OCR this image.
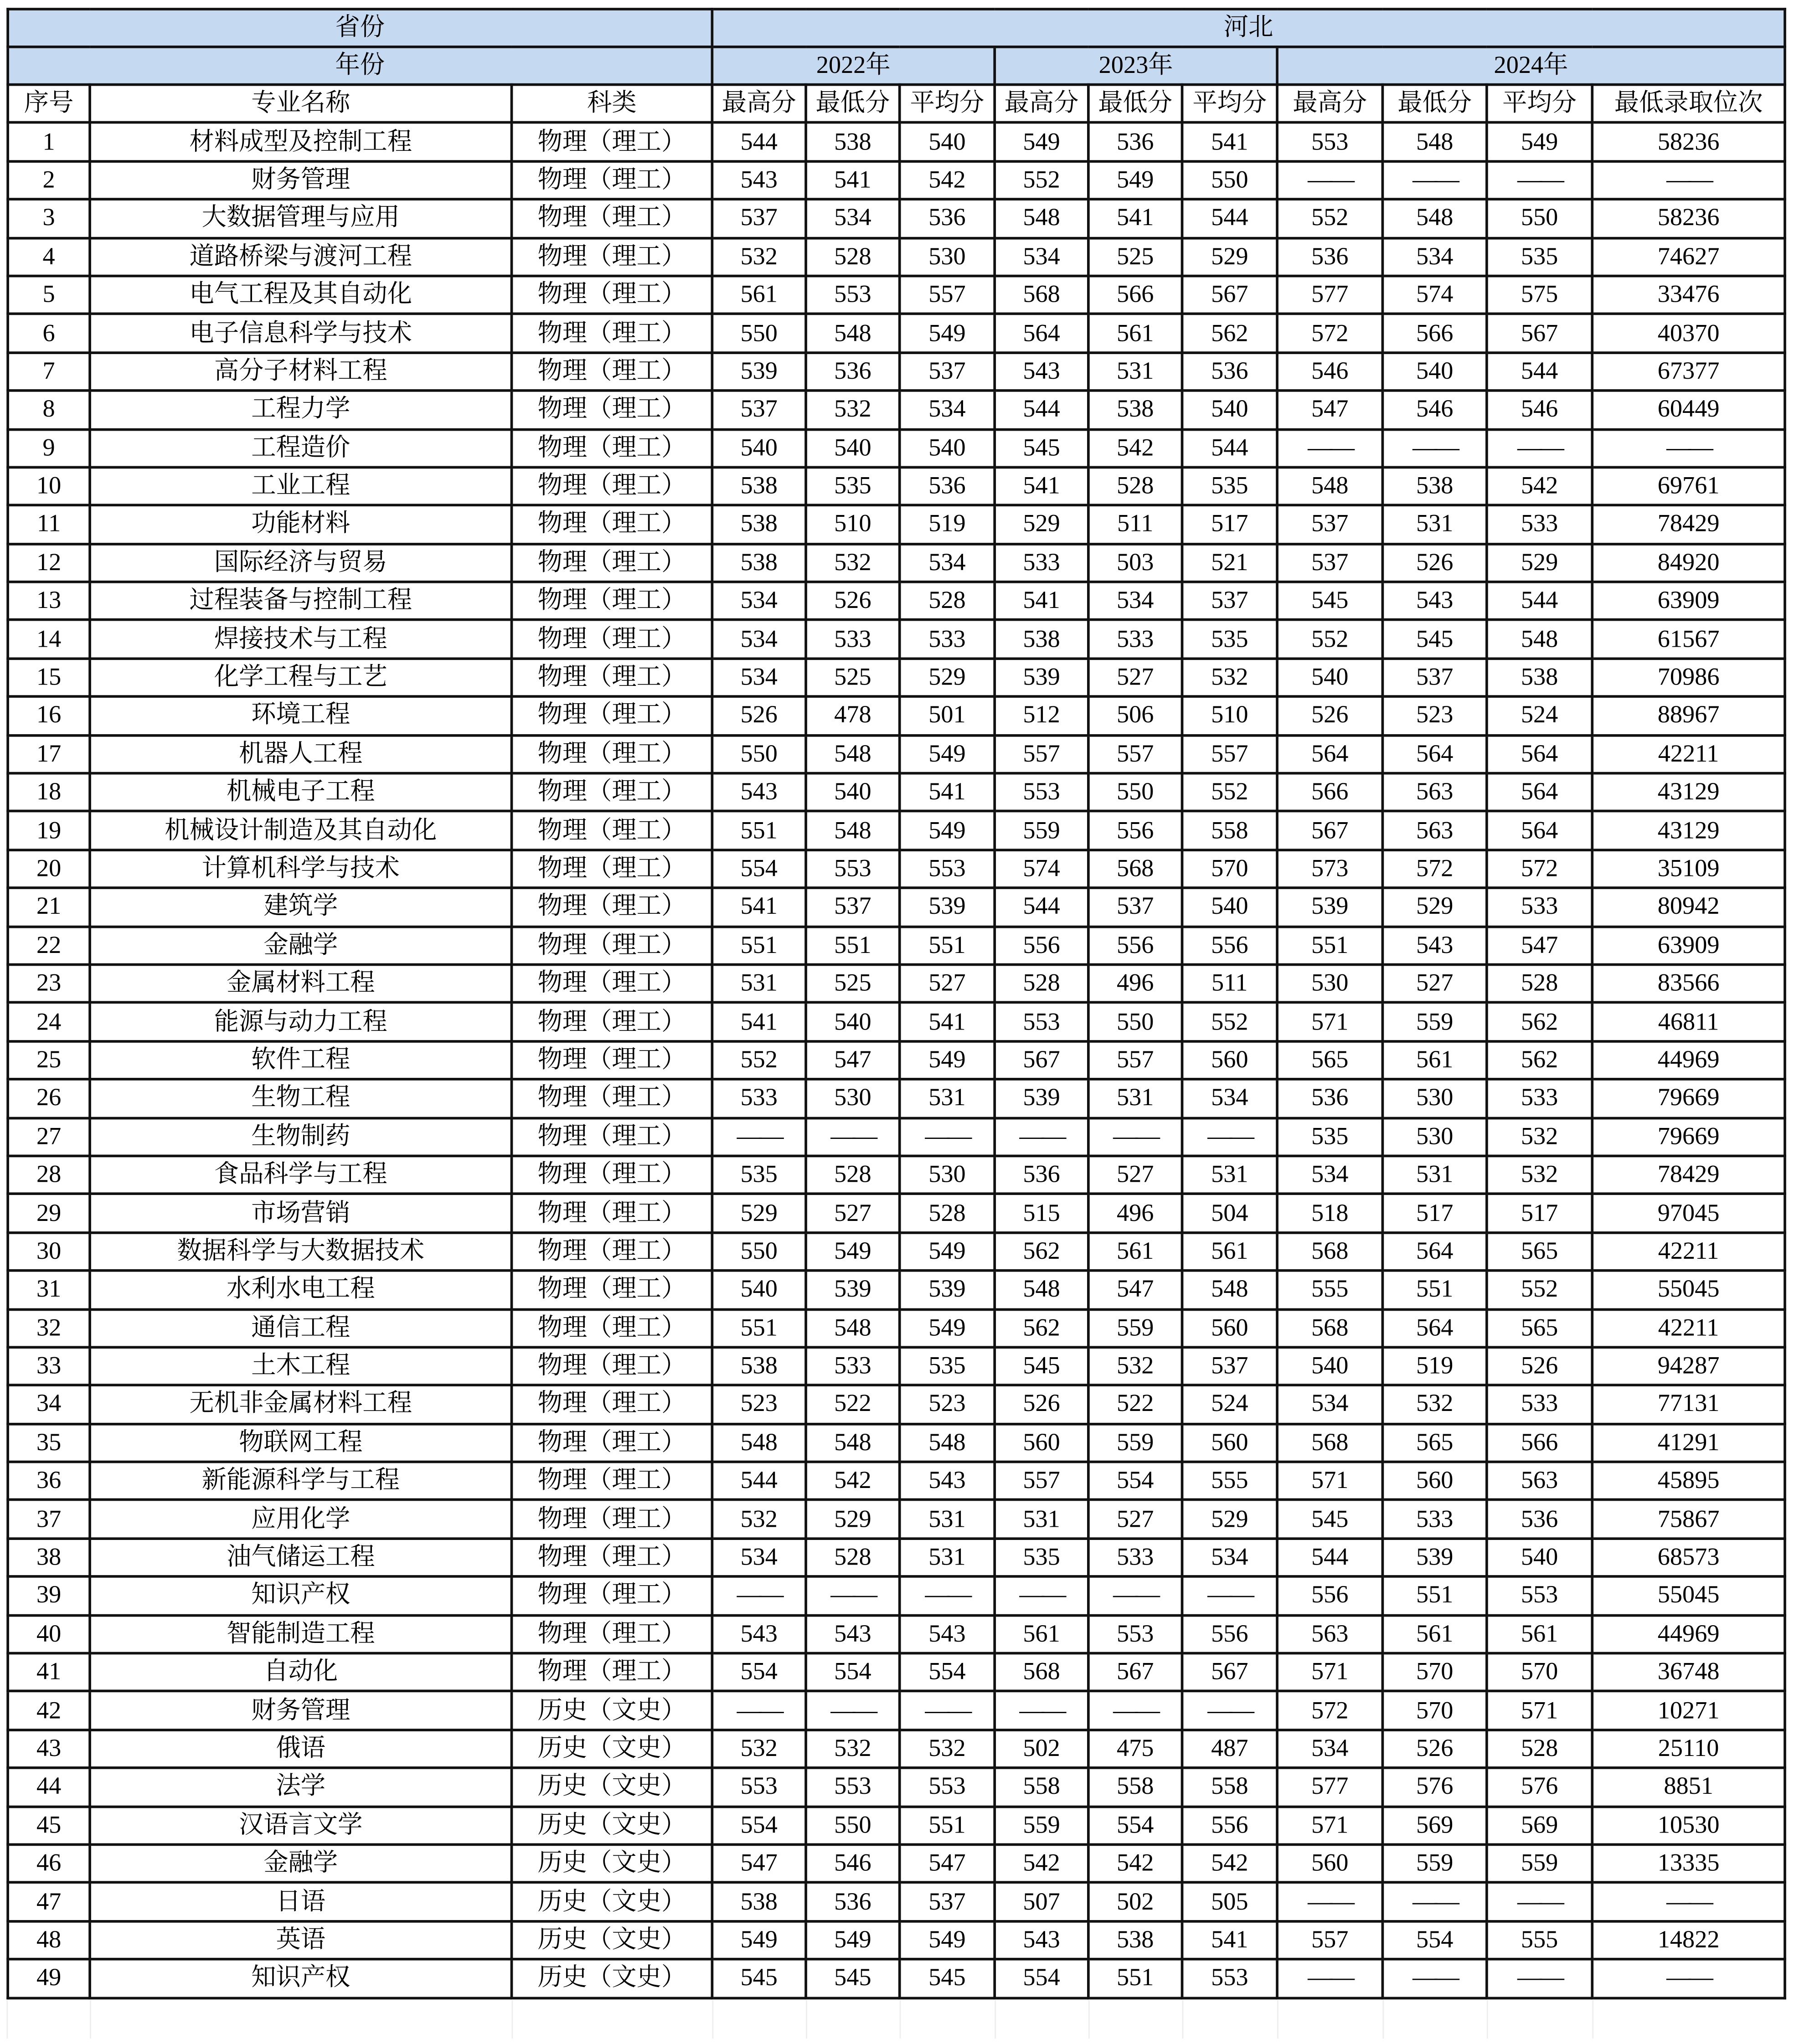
省份			河北									
年份			2022年			2023年			2024年			
序号	专业名称	科类	最高分	最低分	平均分	最高分	最低分	平均分	最高分	最低分	平均分	最低录取位次
1	材料成型及控制工程	物理（理工）	544	538	540	549	536	541	553	548	549	58236
2	财务管理	物理（理工）	543	541	542	552	549	550	——	——	——	——
3	大数据管理与应用	物理（理工）	537	534	536	548	541	544	552	548	550	58236
4	道路桥梁与渡河工程	物理（理工）	532	528	530	534	525	529	536	534	535	74627
5	电气工程及其自动化	物理（理工）	561	553	557	568	566	567	577	574	575	33476
6	电子信息科学与技术	物理（理工）	550	548	549	564	561	562	572	566	567	40370
7	高分子材料工程	物理（理工）	539	536	537	543	531	536	546	540	544	67377
8	工程力学	物理（理工）	537	532	534	544	538	540	547	546	546	60449
9	工程造价	物理（理工）	540	540	540	545	542	544	——	——	——	——
10	工业工程	物理（理工）	538	535	536	541	528	535	548	538	542	69761
11	功能材料	物理（理工）	538	510	519	529	511	517	537	531	533	78429
12	国际经济与贸易	物理（理工）	538	532	534	533	503	521	537	526	529	84920
13	过程装备与控制工程	物理（理工）	534	526	528	541	534	537	545	543	544	63909
14	焊接技术与工程	物理（理工）	534	533	533	538	533	535	552	545	548	61567
15	化学工程与工艺	物理（理工）	534	525	529	539	527	532	540	537	538	70986
16	环境工程	物理（理工）	526	478	501	512	506	510	526	523	524	88967
17	机器人工程	物理（理工）	550	548	549	557	557	557	564	564	564	42211
18	机械电子工程	物理（理工）	543	540	541	553	550	552	566	563	564	43129
19	机械设计制造及其自动化	物理（理工）	551	548	549	559	556	558	567	563	564	43129
20	计算机科学与技术	物理（理工）	554	553	553	574	568	570	573	572	572	35109
21	建筑学	物理（理工）	541	537	539	544	537	540	539	529	533	80942
22	金融学	物理（理工）	551	551	551	556	556	556	551	543	547	63909
23	金属材料工程	物理（理工）	531	525	527	528	496	511	530	527	528	83566
24	能源与动力工程	物理（理工）	541	540	541	553	550	552	571	559	562	46811
25	软件工程	物理（理工）	552	547	549	567	557	560	565	561	562	44969
26	生物工程	物理（理工）	533	530	531	539	531	534	536	530	533	79669
27	生物制药	物理（理工）	——	——	——	——	——	——	535	530	532	79669
28	食品科学与工程	物理（理工）	535	528	530	536	527	531	534	531	532	78429
29	市场营销	物理（理工）	529	527	528	515	496	504	518	517	517	97045
30	数据科学与大数据技术	物理（理工）	550	549	549	562	561	561	568	564	565	42211
31	水利水电工程	物理（理工）	540	539	539	548	547	548	555	551	552	55045
32	通信工程	物理（理工）	551	548	549	562	559	560	568	564	565	42211
33	土木工程	物理（理工）	538	533	535	545	532	537	540	519	526	94287
34	无机非金属材料工程	物理（理工）	523	522	523	526	522	524	534	532	533	77131
35	物联网工程	物理（理工）	548	548	548	560	559	560	568	565	566	41291
36	新能源科学与工程	物理（理工）	544	542	543	557	554	555	571	560	563	45895
37	应用化学	物理（理工）	532	529	531	531	527	529	545	533	536	75867
38	油气储运工程	物理（理工）	534	528	531	535	533	534	544	539	540	68573
39	知识产权	物理（理工）	——	——	——	——	——	——	556	551	553	55045
40	智能制造工程	物理（理工）	543	543	543	561	553	556	563	561	561	44969
41	自动化	物理（理工）	554	554	554	568	567	567	571	570	570	36748
42	财务管理	历史（文史）	——	——	——	——	——	——	572	570	571	10271
43	俄语	历史（文史）	532	532	532	502	475	487	534	526	528	25110
44	法学	历史（文史）	553	553	553	558	558	558	577	576	576	8851
45	汉语言文学	历史（文史）	554	550	551	559	554	556	571	569	569	10530
46	金融学	历史（文史）	547	546	547	542	542	542	560	559	559	13335
47	日语	历史（文史）	538	536	537	507	502	505	——	——	——	——
48	英语	历史（文史）	549	549	549	543	538	541	557	554	555	14822
49	知识产权	历史（文史）	545	545	545	554	551	553	——	——	——	——
